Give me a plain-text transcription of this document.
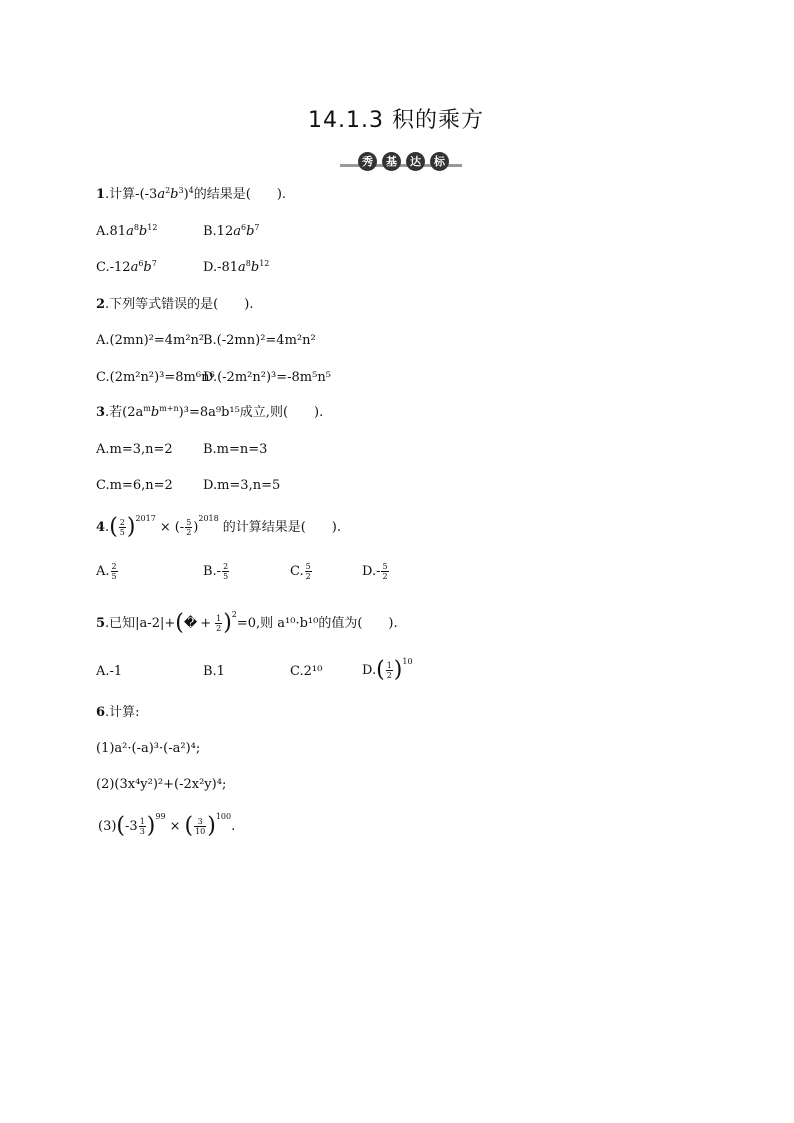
14.1.3 积的乘方
秀	基	达	标
1.计算$-(-3a^2b^3)^4$的结果是(　　).
$A.81a^8b^{12}$	$B.12a^6b^7$
$C.-12a^6b^7$	$D.-81a^8b^{12}$
2.下列等式错误的是(　　).
A.(2mn)²=4m²n²
B.(-2mn)²=4m²n²
C.(2m²n²)³=8m⁶n⁶
D.(-2m²n²)³=-8m⁵n⁵
3.若$(2a^mb^{m+n})^3=8a^9b^{15}$成立,则(　　).
A.m=3,n=2 B.m=n=3
C.m=6,n=2 D.m=3,n=5
$4.( \frac{2}{5} )^{2017}\times$ (- $\frac{5}{2} )^{2018}$的计算结果是(　　).
A. $\frac{2}{5}$	$B.- \frac{2}{5}$	C. $\frac{5}{2}$	$D.- \frac{5}{2}$
5.已知|a-2|+(� + $\frac{1}{2} )^2=0$,则 a¹⁰·b¹⁰的值为(　　).
A.-1	B.1	C.2¹⁰	$D.( \frac{1}{2} )^{10}$
6.计算:
(1)a²·(-a)³·(-a²)⁴;
(2)(3x⁴y²)²+(-2x²y)⁴;
$(3)(-3 \frac{1}{3} )^{99}\times$ ( $\frac{3}{10} )^{100}$.
